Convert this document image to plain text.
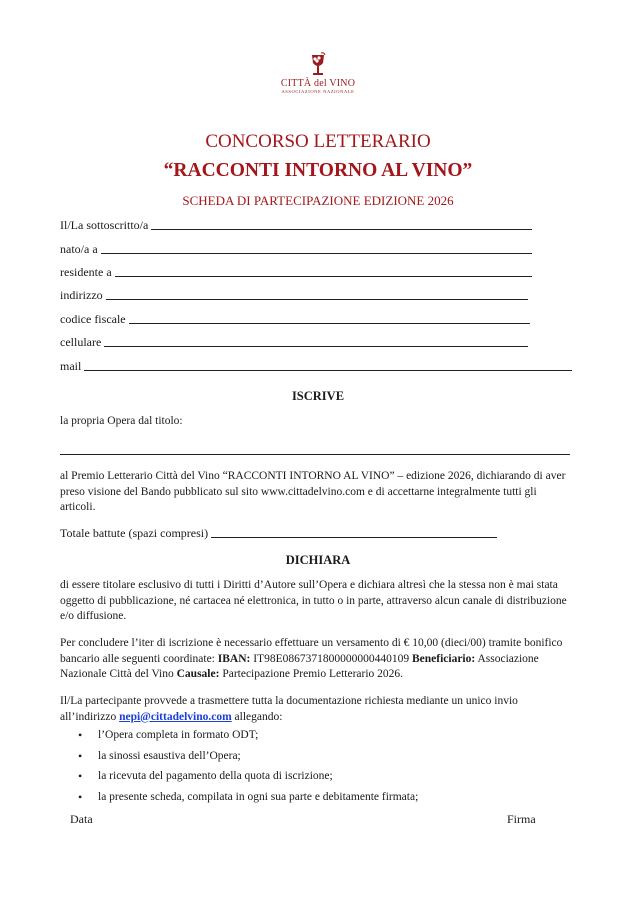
CITTÀ del VINO
ASSOCIAZIONE NAZIONALE
CONCORSO LETTERARIO
“RACCONTI INTORNO AL VINO”
SCHEDA DI PARTECIPAZIONE EDIZIONE 2026
Il/La sottoscritto/a
nato/a a
residente a
indirizzo
codice fiscale
cellulare
mail
ISCRIVE
la propria Opera dal titolo:
al Premio Letterario Città del Vino “RACCONTI INTORNO AL VINO” – edizione 2026, dichiarando di aver preso visione del Bando pubblicato sul sito www.cittadelvino.com e di accettarne integralmente tutti gli articoli.
Totale battute (spazi compresi)
DICHIARA
di essere titolare esclusivo di tutti i Diritti d’Autore sull’Opera e dichiara altresì che la stessa non è mai stata oggetto di pubblicazione, né cartacea né elettronica, in tutto o in parte, attraverso alcun canale di distribuzione e/o diffusione.
Per concludere l’iter di iscrizione è necessario effettuare un versamento di € 10,00 (dieci/00) tramite bonifico bancario alle seguenti coordinate: IBAN: IT98E0867371800000000440109 Beneficiario: Associazione Nazionale Città del Vino Causale: Partecipazione Premio Letterario 2026.
Il/La partecipante provvede a trasmettere tutta la documentazione richiesta mediante un unico invio all’indirizzo nepi@cittadelvino.com allegando:
• l’Opera completa in formato ODT;
• la sinossi esaustiva dell’Opera;
• la ricevuta del pagamento della quota di iscrizione;
• la presente scheda, compilata in ogni sua parte e debitamente firmata;
Data	Firma
